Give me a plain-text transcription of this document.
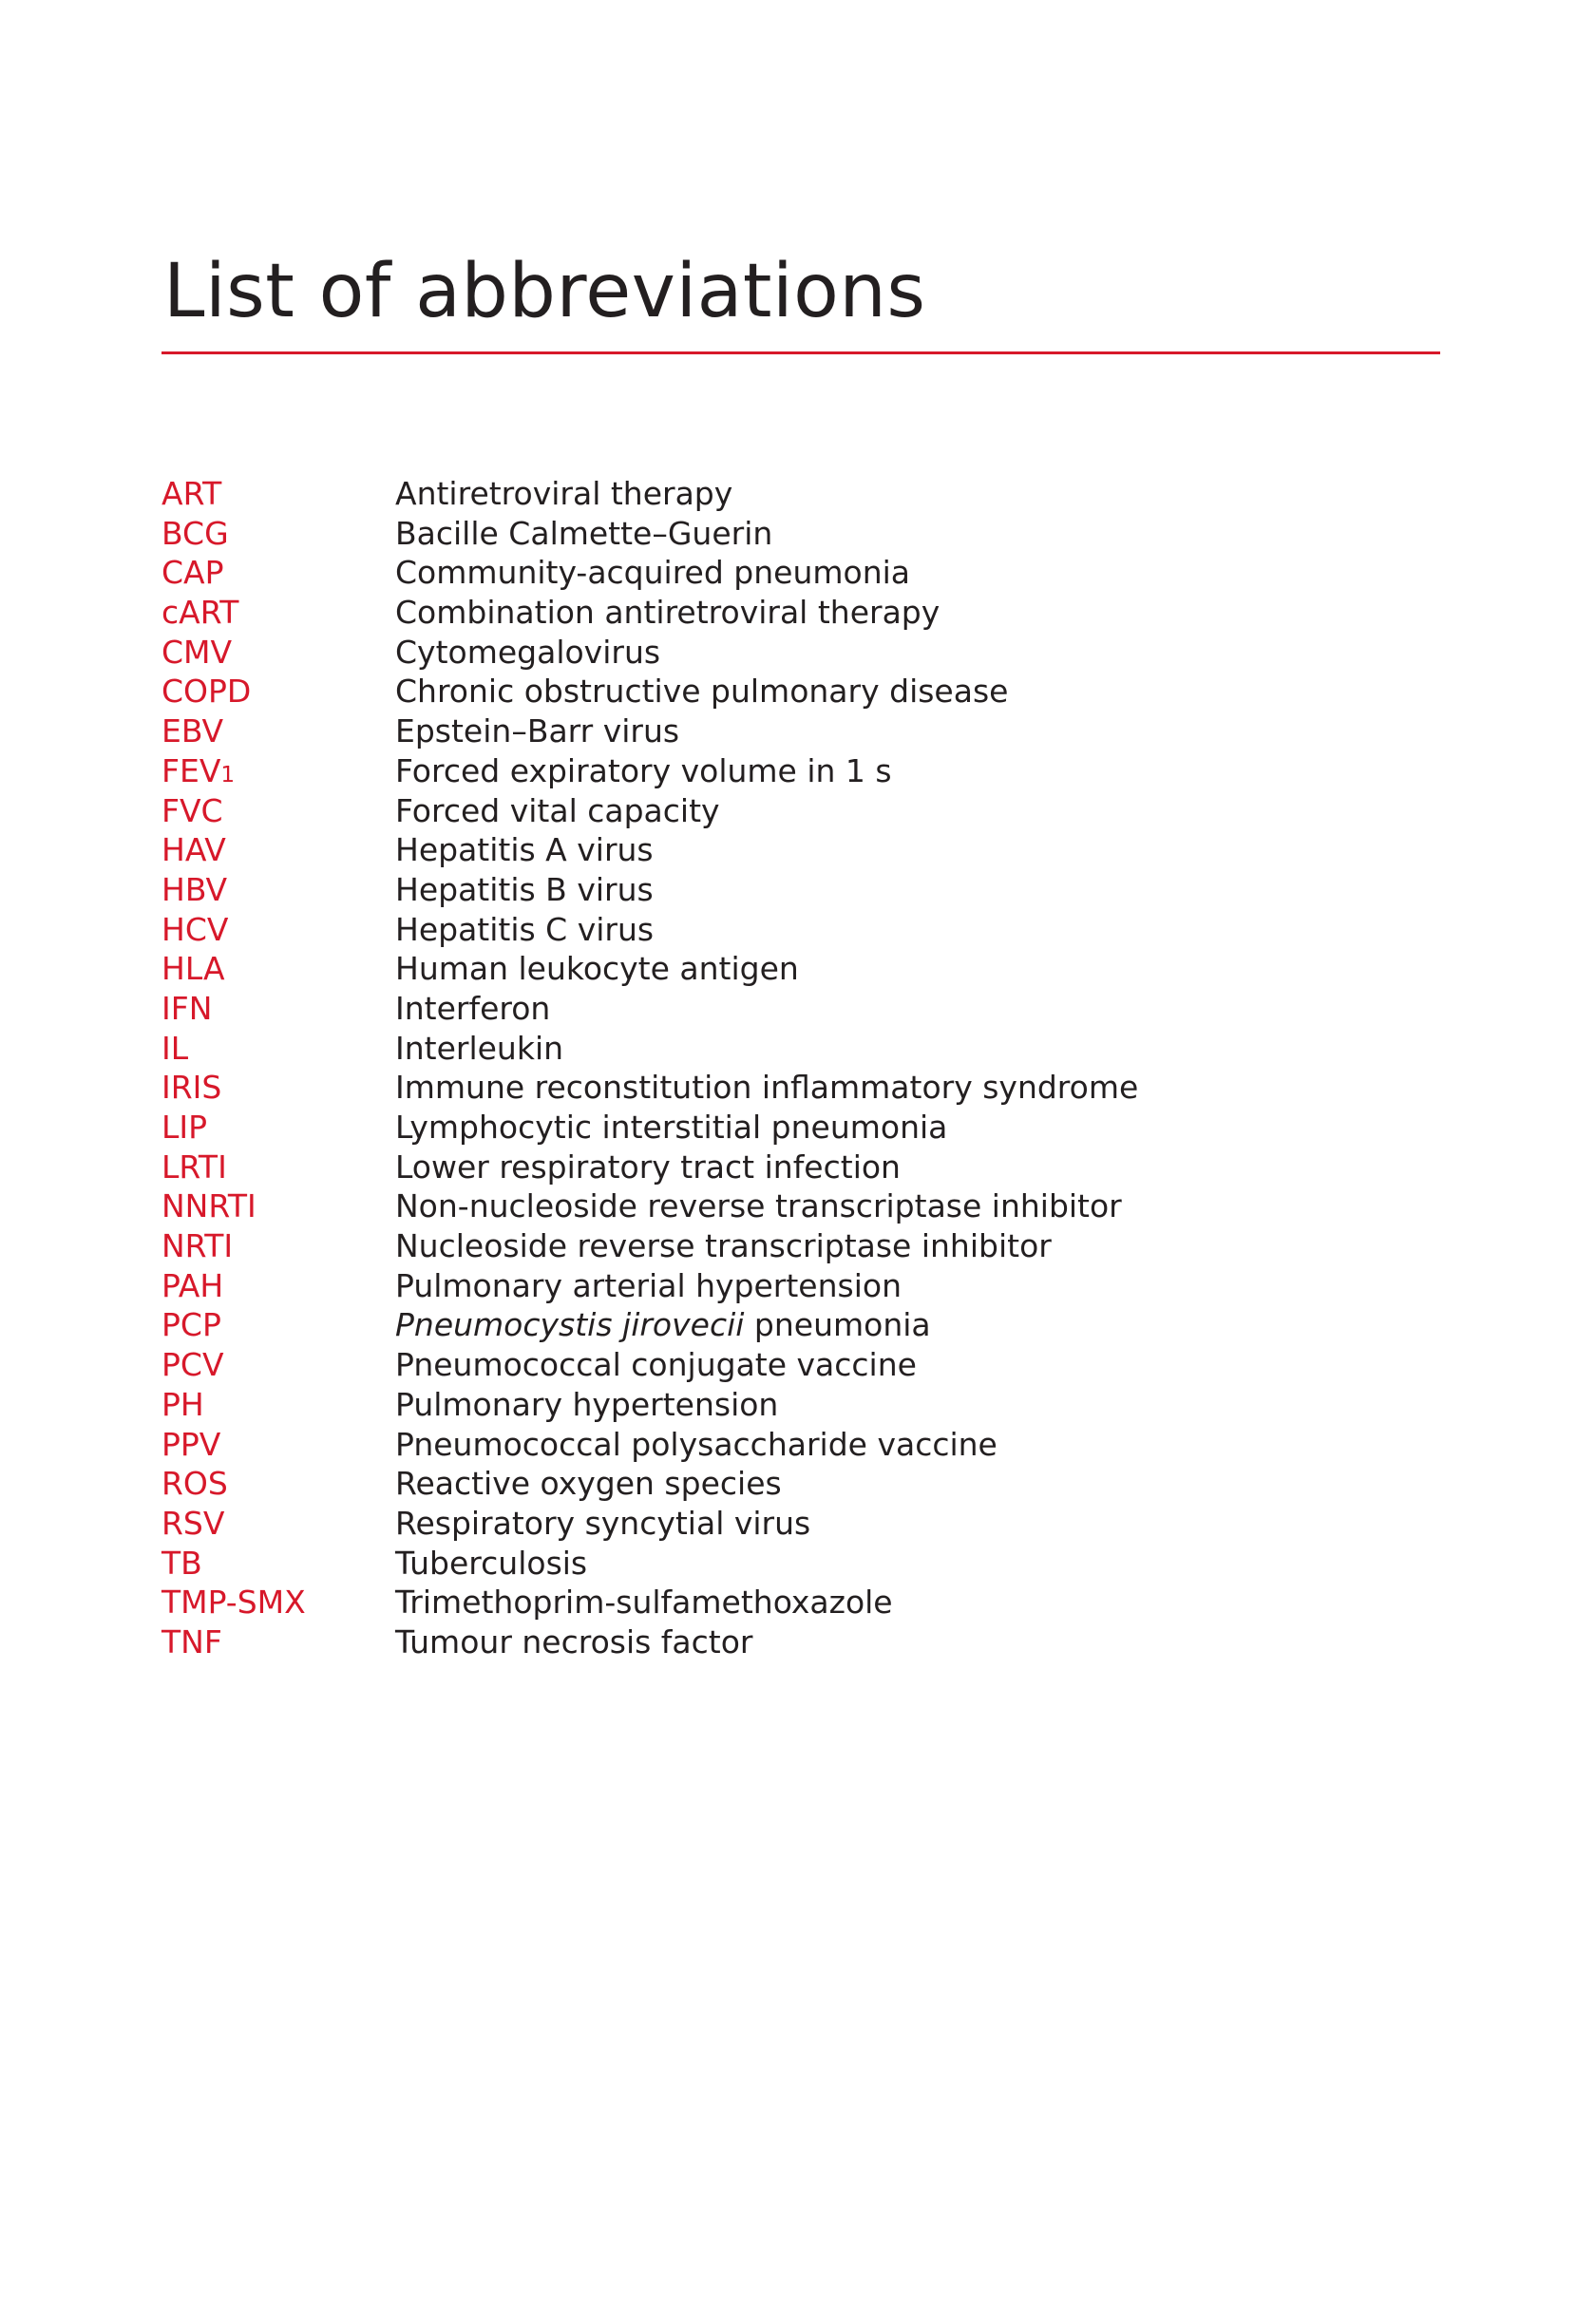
List of abbreviations
ART	Antiretroviral therapy
BCG	Bacille Calmette–Guerin
CAP	Community-acquired pneumonia
cART	Combination antiretroviral therapy
CMV	Cytomegalovirus
COPD	Chronic obstructive pulmonary disease
EBV	Epstein–Barr virus
FEV1	Forced expiratory volume in 1 s
FVC	Forced vital capacity
HAV	Hepatitis A virus
HBV	Hepatitis B virus
HCV	Hepatitis C virus
HLA	Human leukocyte antigen
IFN	Interferon
IL	Interleukin
IRIS	Immune reconstitution inflammatory syndrome
LIP	Lymphocytic interstitial pneumonia
LRTI	Lower respiratory tract infection
NNRTI	Non-nucleoside reverse transcriptase inhibitor
NRTI	Nucleoside reverse transcriptase inhibitor
PAH	Pulmonary arterial hypertension
PCP	Pneumocystis jirovecii pneumonia
PCV	Pneumococcal conjugate vaccine
PH	Pulmonary hypertension
PPV	Pneumococcal polysaccharide vaccine
ROS	Reactive oxygen species
RSV	Respiratory syncytial virus
TB	Tuberculosis
TMP-SMX	Trimethoprim-sulfamethoxazole
TNF	Tumour necrosis factor
